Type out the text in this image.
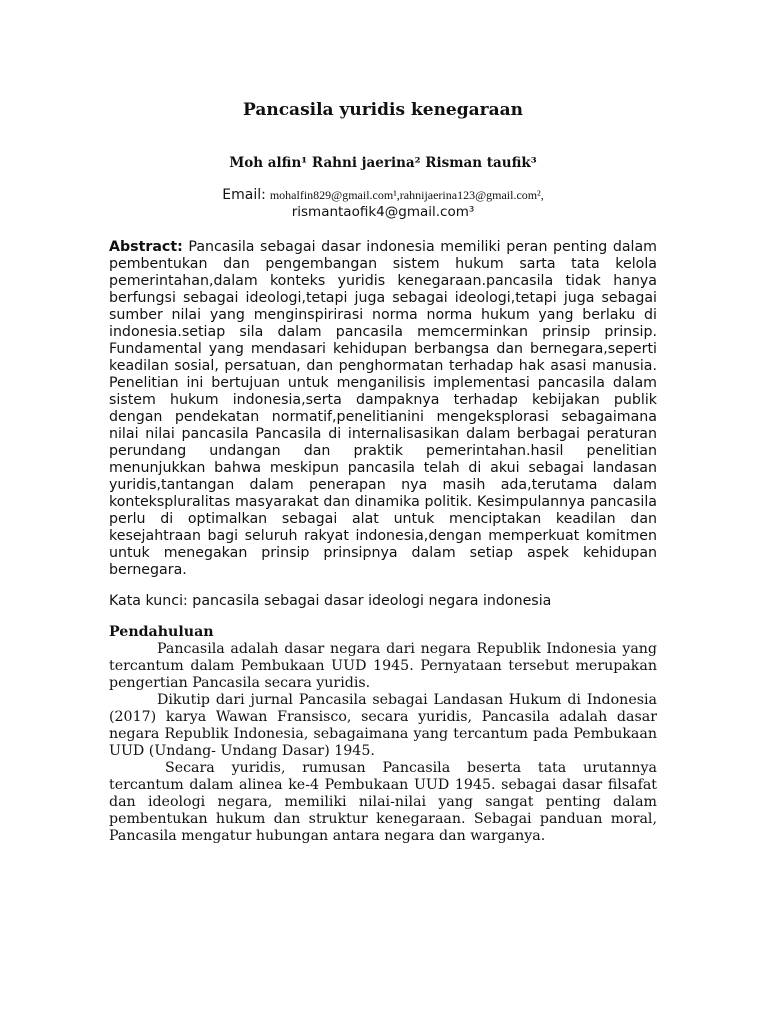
Pancasila yuridis kenegaraan
Moh alfin¹ Rahni jaerina² Risman taufik³
Email: mohalfin829@gmail.com¹,rahnijaerina123@gmail.com²,
rismantaofik4@gmail.com³
Abstract: Pancasila sebagai dasar indonesia memiliki peran penting dalam pembentukan dan pengembangan sistem hukum sarta tata kelola pemerintahan,dalam konteks yuridis kenegaraan.pancasila tidak hanya berfungsi sebagai ideologi,tetapi juga sebagai ideologi,tetapi juga sebagai sumber nilai yang menginspirirasi norma norma hukum yang berlaku di indonesia.setiap sila dalam pancasila memcerminkan prinsip prinsip. Fundamental yang mendasari kehidupan berbangsa dan bernegara,seperti keadilan sosial, persatuan, dan penghormatan terhadap hak asasi manusia. Penelitian ini bertujuan untuk menganilisis implementasi pancasila dalam sistem hukum indonesia,serta dampaknya terhadap kebijakan publik dengan pendekatan normatif,penelitianini mengeksplorasi sebagaimana nilai nilai pancasila Pancasila di internalisasikan dalam berbagai peraturan perundang undangan dan praktik pemerintahan.hasil penelitian menunjukkan bahwa meskipun pancasila telah di akui sebagai landasan yuridis,tantangan dalam penerapan nya masih ada,terutama dalam kontekspluralitas masyarakat dan dinamika politik. Kesimpulannya pancasila perlu di optimalkan sebagai alat untuk menciptakan keadilan dan kesejahtraan bagi seluruh rakyat indonesia,dengan memperkuat komitmen untuk menegakan prinsip prinsipnya dalam setiap aspek kehidupan bernegara.
Kata kunci: pancasila sebagai dasar ideologi negara indonesia
Pendahuluan

Pancasila adalah dasar negara dari negara Republik Indonesia yang tercantum dalam Pembukaan UUD 1945. Pernyataan tersebut merupakan pengertian Pancasila secara yuridis.

Dikutip dari jurnal Pancasila sebagai Landasan Hukum di Indonesia (2017) karya Wawan Fransisco, secara yuridis, Pancasila adalah dasar negara Republik Indonesia, sebagaimana yang tercantum pada Pembukaan UUD (Undang- Undang Dasar) 1945.

Secara yuridis, rumusan Pancasila beserta tata urutannya tercantum dalam alinea ke-4 Pembukaan UUD 1945. sebagai dasar filsafat dan ideologi negara, memiliki nilai-nilai yang sangat penting dalam pembentukan hukum dan struktur kenegaraan. Sebagai panduan moral, Pancasila mengatur hubungan antara negara dan warganya.
